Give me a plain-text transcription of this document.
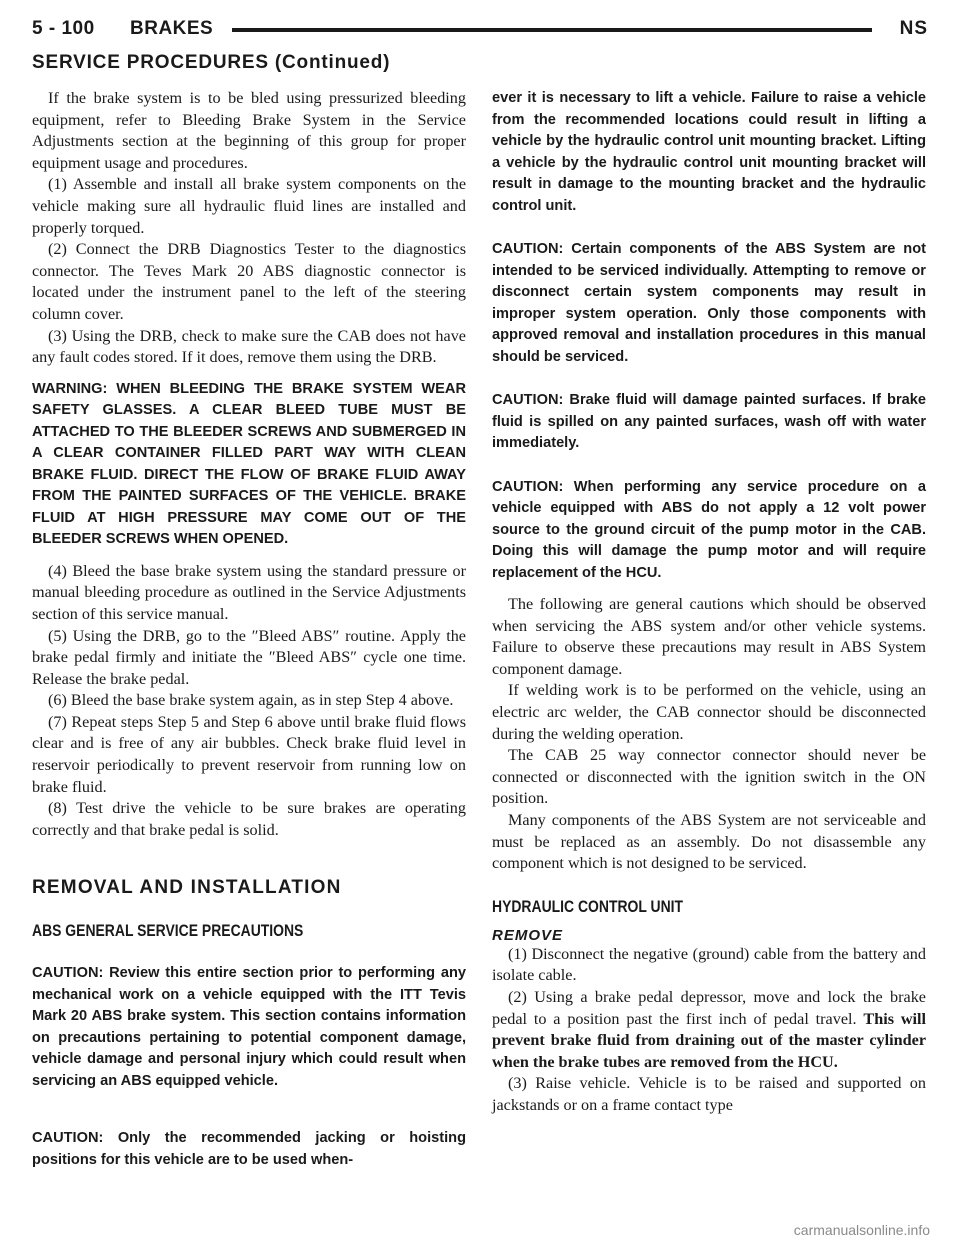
5 - 100 BRAKES	NS
SERVICE PROCEDURES (Continued)

If the brake system is to be bled using pressurized bleeding equipment, refer to Bleeding Brake System in the Service Adjustments section at the beginning of this group for proper equipment usage and procedures.

(1) Assemble and install all brake system components on the vehicle making sure all hydraulic fluid lines are installed and properly torqued.

(2) Connect the DRB Diagnostics Tester to the diagnostics connector. The Teves Mark 20 ABS diagnostic connector is located under the instrument panel to the left of the steering column cover.

(3) Using the DRB, check to make sure the CAB does not have any fault codes stored. If it does, remove them using the DRB.

WARNING: WHEN BLEEDING THE BRAKE SYSTEM WEAR SAFETY GLASSES. A CLEAR BLEED TUBE MUST BE ATTACHED TO THE BLEEDER SCREWS AND SUBMERGED IN A CLEAR CONTAINER FILLED PART WAY WITH CLEAN BRAKE FLUID. DIRECT THE FLOW OF BRAKE FLUID AWAY FROM THE PAINTED SURFACES OF THE VEHICLE. BRAKE FLUID AT HIGH PRESSURE MAY COME OUT OF THE BLEEDER SCREWS WHEN OPENED.

(4) Bleed the base brake system using the standard pressure or manual bleeding procedure as outlined in the Service Adjustments section of this service manual.

(5) Using the DRB, go to the ″Bleed ABS″ routine. Apply the brake pedal firmly and initiate the ″Bleed ABS″ cycle one time. Release the brake pedal.

(6) Bleed the base brake system again, as in step Step 4 above.

(7) Repeat steps Step 5 and Step 6 above until brake fluid flows clear and is free of any air bubbles. Check brake fluid level in reservoir periodically to prevent reservoir from running low on brake fluid.

(8) Test drive the vehicle to be sure brakes are operating correctly and that brake pedal is solid.

REMOVAL AND INSTALLATION
ABS GENERAL SERVICE PRECAUTIONS

CAUTION: Review this entire section prior to performing any mechanical work on a vehicle equipped with the ITT Tevis Mark 20 ABS brake system. This section contains information on precautions pertaining to potential component damage, vehicle damage and personal injury which could result when servicing an ABS equipped vehicle.

CAUTION: Only the recommended jacking or hoisting positions for this vehicle are to be used when-

ever it is necessary to lift a vehicle. Failure to raise a vehicle from the recommended locations could result in lifting a vehicle by the hydraulic control unit mounting bracket. Lifting a vehicle by the hydraulic control unit mounting bracket will result in damage to the mounting bracket and the hydraulic control unit.

CAUTION: Certain components of the ABS System are not intended to be serviced individually. Attempting to remove or disconnect certain system components may result in improper system operation. Only those components with approved removal and installation procedures in this manual should be serviced.

CAUTION: Brake fluid will damage painted surfaces. If brake fluid is spilled on any painted surfaces, wash off with water immediately.

CAUTION: When performing any service procedure on a vehicle equipped with ABS do not apply a 12 volt power source to the ground circuit of the pump motor in the CAB. Doing this will damage the pump motor and will require replacement of the HCU.

The following are general cautions which should be observed when servicing the ABS system and/or other vehicle systems. Failure to observe these precautions may result in ABS System component damage.

If welding work is to be performed on the vehicle, using an electric arc welder, the CAB connector should be disconnected during the welding operation.

The CAB 25 way connector connector should never be connected or disconnected with the ignition switch in the ON position.

Many components of the ABS System are not serviceable and must be replaced as an assembly. Do not disassemble any component which is not designed to be serviced.

HYDRAULIC CONTROL UNIT
REMOVE

(1) Disconnect the negative (ground) cable from the battery and isolate cable.

(2) Using a brake pedal depressor, move and lock the brake pedal to a position past the first inch of pedal travel. This will prevent brake fluid from draining out of the master cylinder when the brake tubes are removed from the HCU.

(3) Raise vehicle. Vehicle is to be raised and supported on jackstands or on a frame contact type

carmanualsonline.info
